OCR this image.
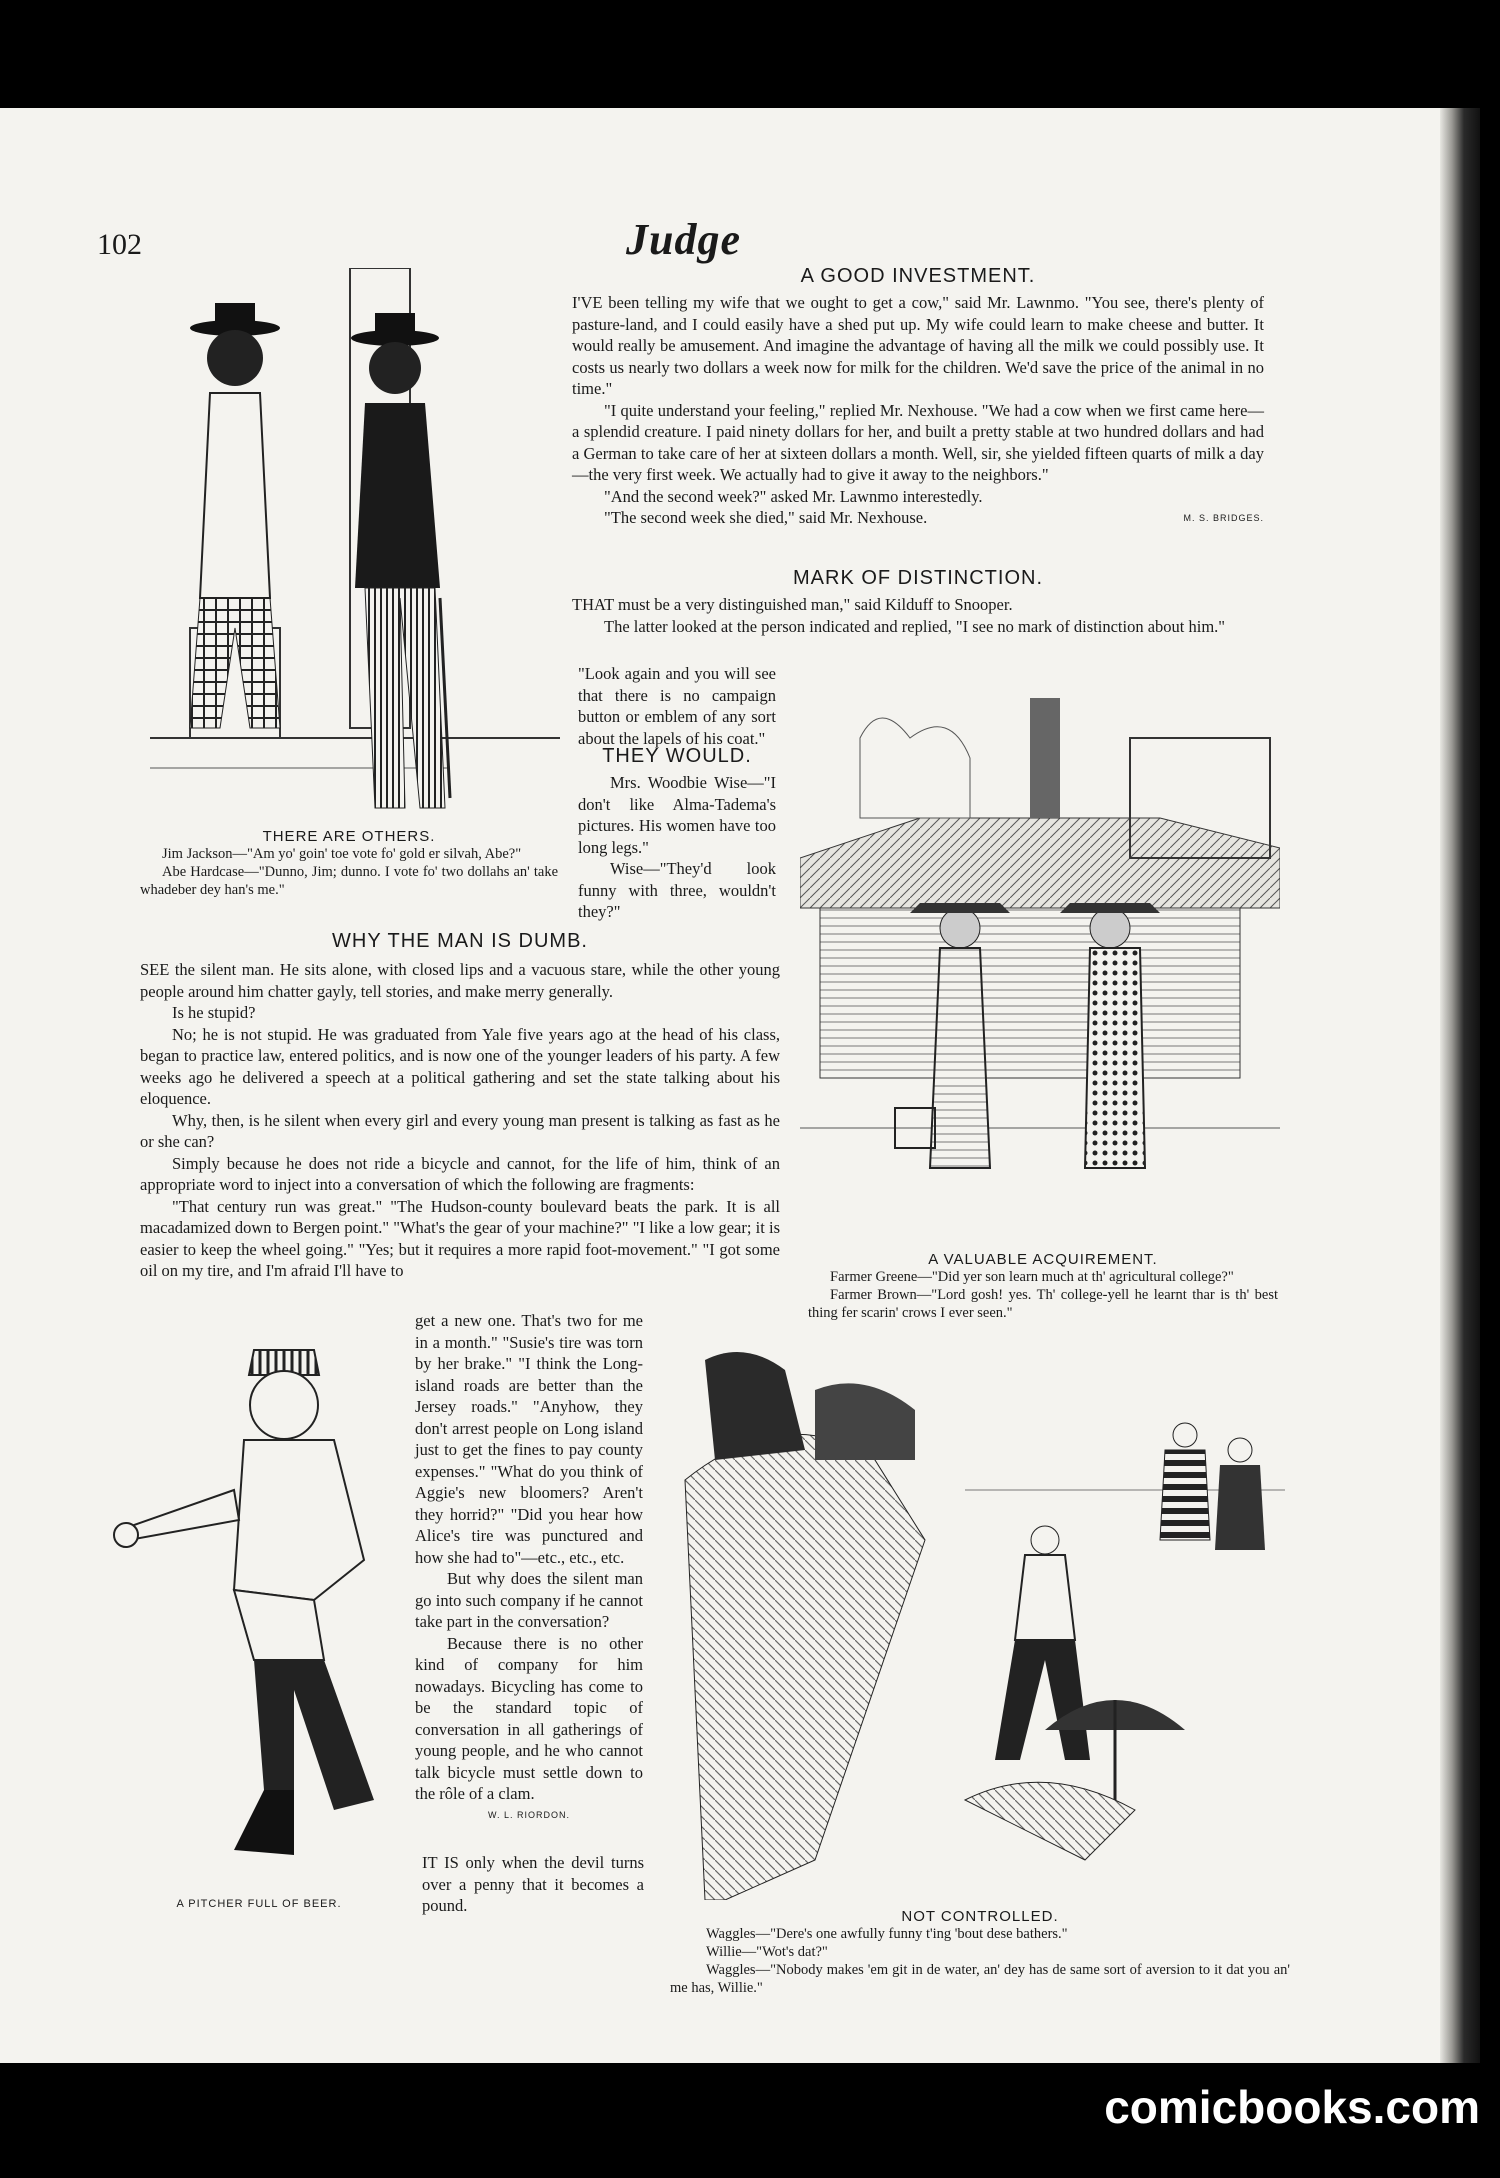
102	Judge

THERE ARE OTHERS.

Jim Jackson—"Am yo' goin' toe vote fo' gold er silvah, Abe?"

Abe Hardcase—"Dunno, Jim; dunno. I vote fo' two dollahs an' take whadeber dey han's me."

A GOOD INVESTMENT.

I'VE been telling my wife that we ought to get a cow," said Mr. Lawnmo. "You see, there's plenty of pasture-land, and I could easily have a shed put up. My wife could learn to make cheese and butter. It would really be amusement. And imagine the advantage of having all the milk we could possibly use. It costs us nearly two dollars a week now for milk for the children. We'd save the price of the animal in no time."

"I quite understand your feeling," replied Mr. Nexhouse. "We had a cow when we first came here—a splendid creature. I paid ninety dollars for her, and built a pretty stable at two hundred dollars and had a German to take care of her at sixteen dollars a month. Well, sir, she yielded fifteen quarts of milk a day—the very first week. We actually had to give it away to the neighbors."

"And the second week?" asked Mr. Lawnmo interestedly.

"The second week she died," said Mr. Nexhouse.	M. S. BRIDGES.

MARK OF DISTINCTION.

THAT must be a very distinguished man," said Kilduff to Snooper.

The latter looked at the person indicated and replied, "I see no mark of distinction about him."

"Look again and you will see that there is no campaign button or emblem of any sort about the lapels of his coat."

THEY WOULD.

Mrs. Woodbie Wise—"I don't like Alma-Tadema's pictures. His women have too long legs."

Wise—"They'd look funny with three, wouldn't they?"

A VALUABLE ACQUIREMENT.

Farmer Greene—"Did yer son learn much at th' agricultural college?"

Farmer Brown—"Lord gosh! yes. Th' college-yell he learnt thar is th' best thing fer scarin' crows I ever seen."

WHY THE MAN IS DUMB.

SEE the silent man. He sits alone, with closed lips and a vacuous stare, while the other young people around him chatter gayly, tell stories, and make merry generally.

Is he stupid?

No; he is not stupid. He was graduated from Yale five years ago at the head of his class, began to practice law, entered politics, and is now one of the younger leaders of his party. A few weeks ago he delivered a speech at a political gathering and set the state talking about his eloquence.

Why, then, is he silent when every girl and every young man present is talking as fast as he or she can?

Simply because he does not ride a bicycle and cannot, for the life of him, think of an appropriate word to inject into a conversation of which the following are fragments:

"That century run was great." "The Hudson-county boulevard beats the park. It is all macadamized down to Bergen point." "What's the gear of your machine?" "I like a low gear; it is easier to keep the wheel going." "Yes; but it requires a more rapid foot-movement." "I got some oil on my tire, and I'm afraid I'll have to

get a new one. That's two for me in a month." "Susie's tire was torn by her brake." "I think the Long-island roads are better than the Jersey roads." "Anyhow, they don't arrest people on Long island just to get the fines to pay county expenses." "What do you think of Aggie's new bloomers? Aren't they horrid?" "Did you hear how Alice's tire was punctured and how she had to"—etc., etc., etc.

But why does the silent man go into such company if he cannot take part in the conversation?

Because there is no other kind of company for him nowadays. Bicycling has come to be the standard topic of conversation in all gatherings of young people, and he who cannot talk bicycle must settle down to the rôle of a clam.

W. L. RIORDON.

IT IS only when the devil turns over a penny that it becomes a pound.

A PITCHER FULL OF BEER.

NOT CONTROLLED.

Waggles—"Dere's one awfully funny t'ing 'bout dese bathers."

Willie—"Wot's dat?"

Waggles—"Nobody makes 'em git in de water, an' dey has de same sort of aversion to it dat you an' me has, Willie."

comicbooks.com
